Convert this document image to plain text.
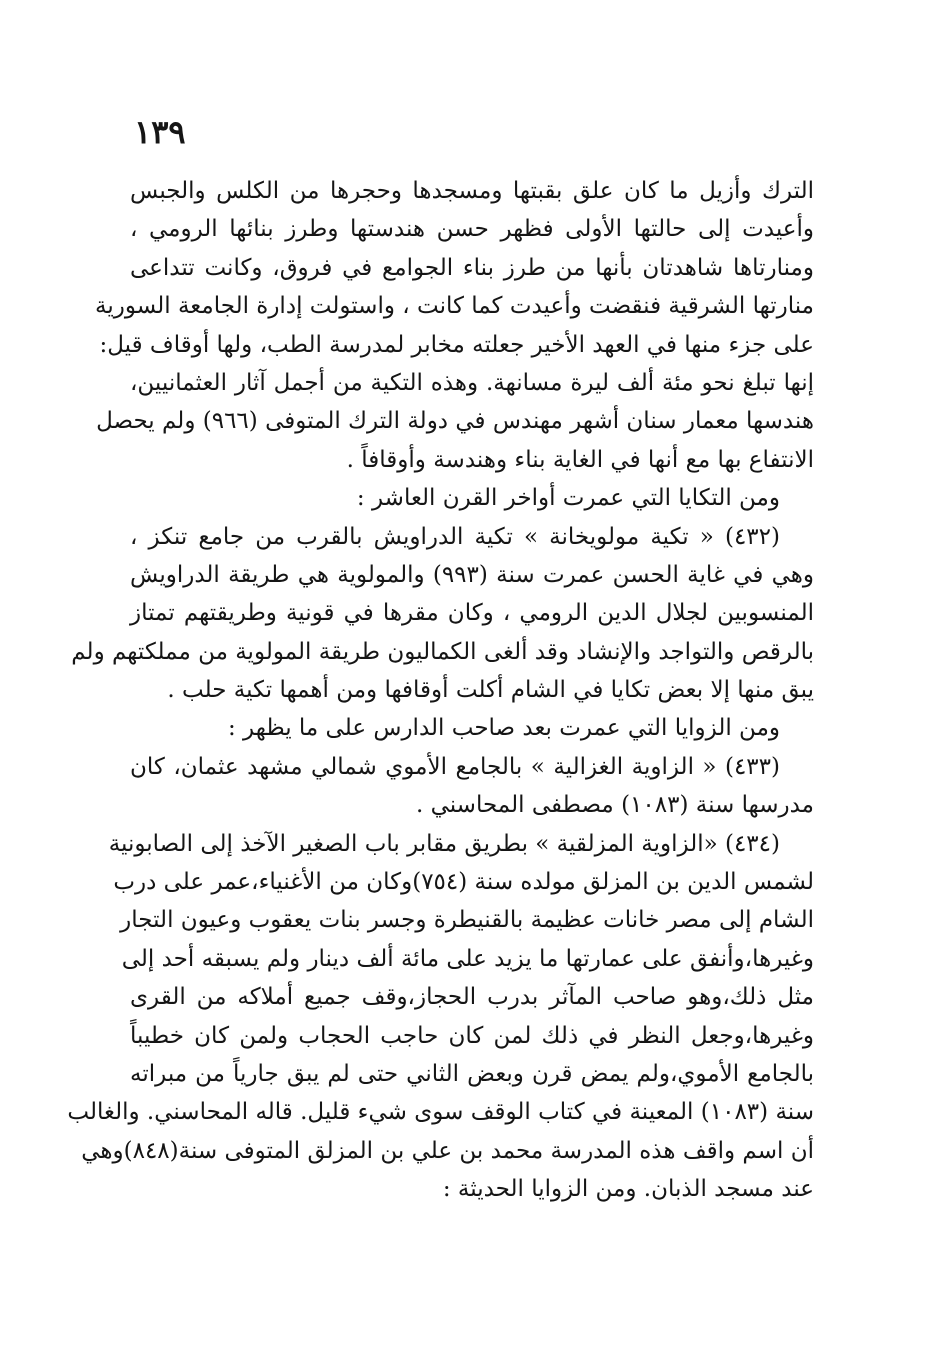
١٣٩
الترك وأزيل ما كان علق بقبتها ومسجدها وحجرها من الكلس والجبس
وأعيدت إلى حالتها الأولى فظهر حسن هندستها وطرز بنائها الرومي ،
ومنارتاها شاهدتان بأنها من طرز بناء الجوامع في فروق، وكانت تتداعى
منارتها الشرقية فنقضت وأعيدت كما كانت ، واستولت إدارة الجامعة السورية
على جزء منها في العهد الأخير جعلته مخابر لمدرسة الطب، ولها أوقاف قيل:
إنها تبلغ نحو مئة ألف ليرة مسانهة. وهذه التكية من أجمل آثار العثمانيين،
هندسها معمار سنان أشهر مهندس في دولة الترك المتوفى (٩٦٦) ولم يحصل
الانتفاع بها مع أنها في الغاية بناء وهندسة وأوقافاً .
ومن التكايا التي عمرت أواخر القرن العاشر :
(٤٣٢) « تكية مولويخانة » تكية الدراويش بالقرب من جامع تنكز ،
وهي في غاية الحسن عمرت سنة (٩٩٣) والمولوية هي طريقة الدراويش
المنسوبين لجلال الدين الرومي ، وكان مقرها في قونية وطريقتهم تمتاز
بالرقص والتواجد والإنشاد وقد ألغى الكماليون طريقة المولوية من مملكتهم ولم
يبق منها إلا بعض تكايا في الشام أكلت أوقافها ومن أهمها تكية حلب .
ومن الزوايا التي عمرت بعد صاحب الدارس على ما يظهر :
(٤٣٣) « الزاوية الغزالية » بالجامع الأموي شمالي مشهد عثمان، كان
مدرسها سنة (١٠٨٣) مصطفى المحاسني .
(٤٣٤) «الزاوية المزلقية » بطريق مقابر باب الصغير الآخذ إلى الصابونية
لشمس الدين بن المزلق مولده سنة (٧٥٤)وكان من الأغنياء،عمر على درب
الشام إلى مصر خانات عظيمة بالقنيطرة وجسر بنات يعقوب وعيون التجار
وغيرها،وأنفق على عمارتها ما يزيد على مائة ألف دينار ولم يسبقه أحد إلى
مثل ذلك،وهو صاحب المآثر بدرب الحجاز،وقف جميع أملاكه من القرى
وغيرها،وجعل النظر في ذلك لمن كان حاجب الحجاب ولمن كان خطيباً
بالجامع الأموي،ولم يمض قرن وبعض الثاني حتى لم يبق جارياً من مبراته
سنة (١٠٨٣) المعينة في كتاب الوقف سوى شيء قليل. قاله المحاسني. والغالب
أن اسم واقف هذه المدرسة محمد بن علي بن المزلق المتوفى سنة(٨٤٨)وهي
عند مسجد الذبان. ومن الزوايا الحديثة :
